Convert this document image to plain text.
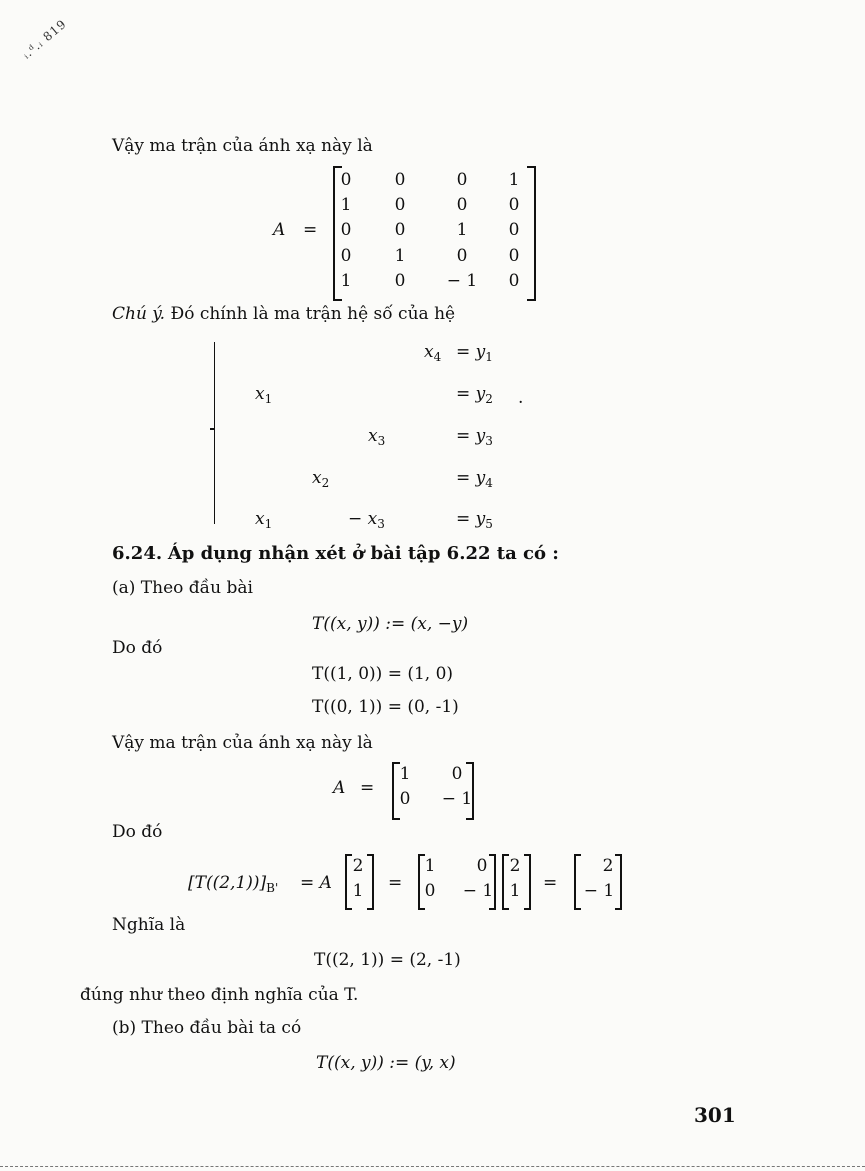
ᵢ.ᵈ.ᵢ 819
Vậy ma trận của ánh xạ này là
A =
0	0	0	1
1	0	0	0
0	0	1	0
0	1	0	0
1	0	− 1	0
Chú ý. Đó chính là ma trận hệ số của hệ
$x_4 = y_1$
$x_1$	= $y_2$ .
$x_3$	= $y_3$
$x_2$	= $y_4$
$x_1$	− $x_3$	= $y_5$
6.24. Áp dụng nhận xét ở bài tập 6.22 ta có :
(a) Theo đầu bài
T((x, y)) := (x, −y)
Do đó
T((1, 0)) = (1, 0)
T((0, 1)) = (0, -1)
Vậy ma trận của ánh xạ này là
A =
1	0
0	− 1
Do đó
$[T((2,1))]_{B'} = A$
2
1	=
1	0
0	− 1
2
1	=
2
− 1
Nghĩa là
T((2, 1)) = (2, -1)
đúng như theo định nghĩa của T.
(b) Theo đầu bài ta có
T((x, y)) := (y, x)
301
